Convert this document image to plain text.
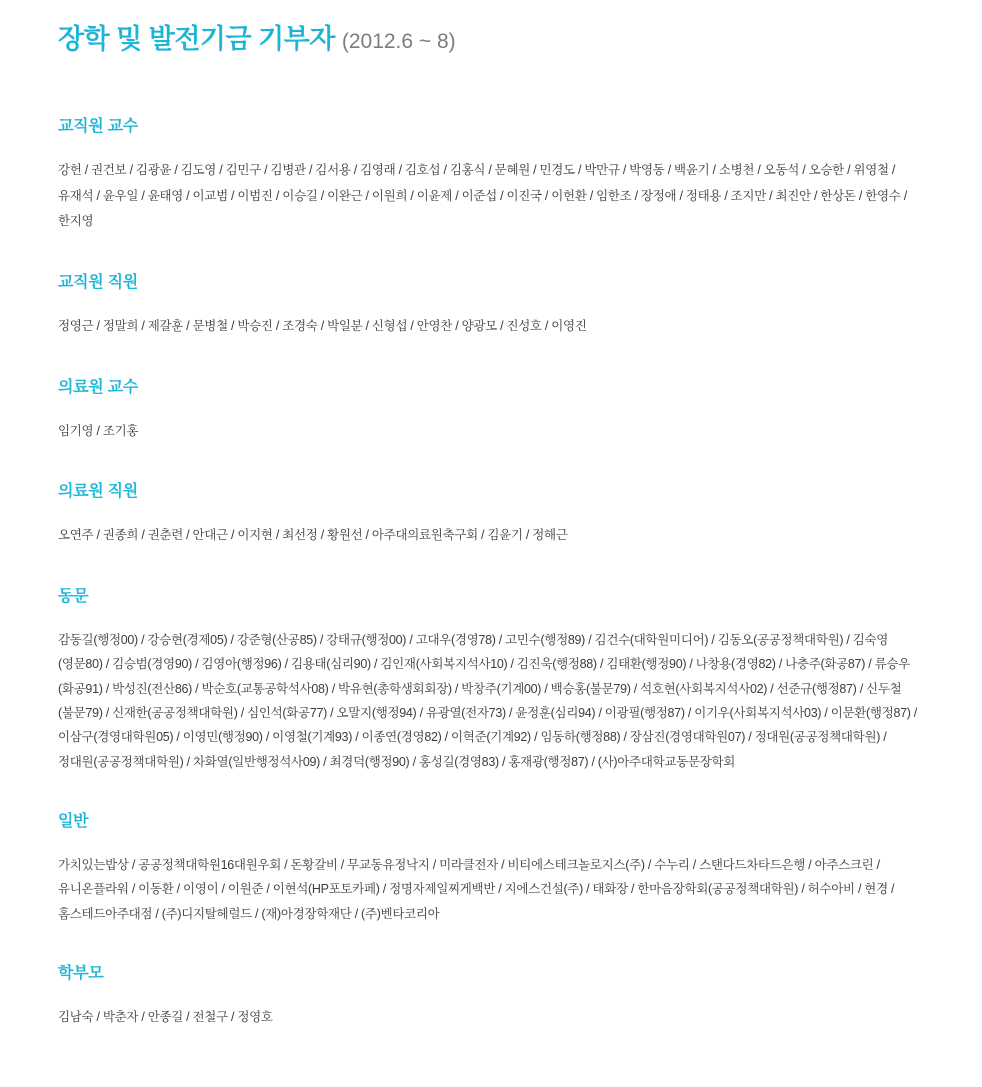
장학 및 발전기금 기부자 (2012.6 ~ 8)
교직원 교수
강헌 / 권건보 / 김광윤 / 김도영 / 김민구 / 김병관 / 김서용 / 김영래 / 김호섭 / 김홍식 / 문혜원 / 민경도 / 박만규 / 박영동 / 백윤기 / 소병천 / 오동석 / 오승한 / 위영철 / 유재석 / 윤우일 / 윤태영 / 이교범 / 이범진 / 이승길 / 이완근 / 이원희 / 이윤제 / 이준섭 / 이진국 / 이헌환 / 임한조 / 장정애 / 정태용 / 조지만 / 최진안 / 한상돈 / 한영수 / 한지영
교직원 직원
정영근 / 정말희 / 제갈훈 / 문병철 / 박승진 / 조경숙 / 박일분 / 신형섭 / 안영찬 / 양광모 / 진성호 / 이영진
의료원 교수
임기영 / 조기홍
의료원 직원
오연주 / 권종희 / 권춘련 / 안대근 / 이지현 / 최선정 / 황원선 / 아주대의료원축구회 / 김윤기 / 정해근
동문
감동길(행정00) / 강승현(경제05) / 강준형(산공85) / 강태규(행정00) / 고대우(경영78) / 고민수(행정89) / 김건수(대학원미디어) / 김동오(공공정책대학원) / 김숙영(영문80) / 김승범(경영90) / 김영아(행정96) / 김용태(심리90) / 김인재(사회복지석사10) / 김진욱(행정88) / 김태환(행정90) / 나창용(경영82) / 나충주(화공87) / 류승우(화공91) / 박성진(전산86) / 박순호(교통공학석사08) / 박유현(총학생회회장) / 박창주(기계00) / 백승홍(불문79) / 석호현(사회복지석사02) / 선준규(행정87) / 신두철(불문79) / 신재한(공공정책대학원) / 심인석(화공77) / 오말지(행정94) / 유광열(전자73) / 윤정훈(심리94) / 이광필(행정87) / 이기우(사회복지석사03) / 이문환(행정87) / 이삼구(경영대학원05) / 이영민(행정90) / 이영철(기계93) / 이종연(경영82) / 이혁준(기계92) / 임동하(행정88) / 장삼진(경영대학원07) / 정대원(공공정책대학원) / 정대원(공공정책대학원) / 차화열(일반행정석사09) / 최경덕(행정90) / 홍성길(경영83) / 홍재광(행정87) / (사)아주대학교동문장학회
일반
가치있는밥상 / 공공정책대학원16대원우회 / 돈황갈비 / 무교동유정낙지 / 미라클전자 / 비티에스테크놀로지스(주) / 수누리 / 스탠다드차타드은행 / 아주스크린 / 유니온플라워 / 이동환 / 이영이 / 이원준 / 이현석(HP포토카페) / 정명자제일찌게백반 / 지에스건설(주) / 태화장 / 한마음장학회(공공정책대학원) / 허수아비 / 현경 / 홈스테드아주대점 / (주)디지탈헤럴드 / (재)아경장학재단 / (주)벤타코리아
학부모
김남숙 / 박춘자 / 안종길 / 전철구 / 정영호
